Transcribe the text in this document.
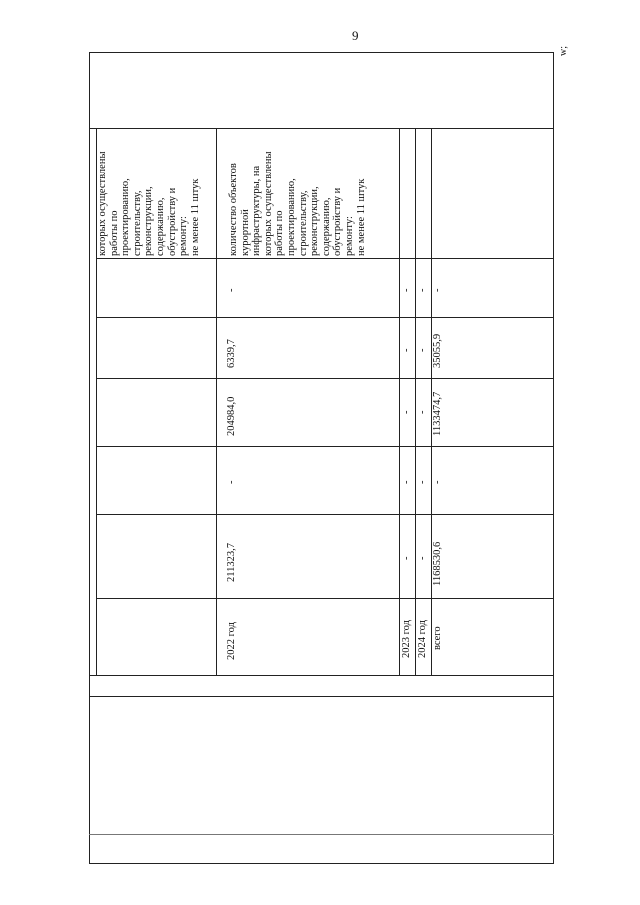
9
w;
которых осуществлены работы по проектированию, строительству, реконструкции, содержанию, обустройству и ремонту: не менее 11 штук	количество объектов курортной инфраструктуры, на которых осуществлены работы по проектированию, строительству, реконструкции, содержанию, обустройству и ремонту: не менее 11 штук
2022 год
211323,7
-
204984,0
6339,7
-
2023 год
-
-
-
-
-
2024 год
-
-
-
-
-
всего
1168530,6
-
1133474,7
35055,9
-
